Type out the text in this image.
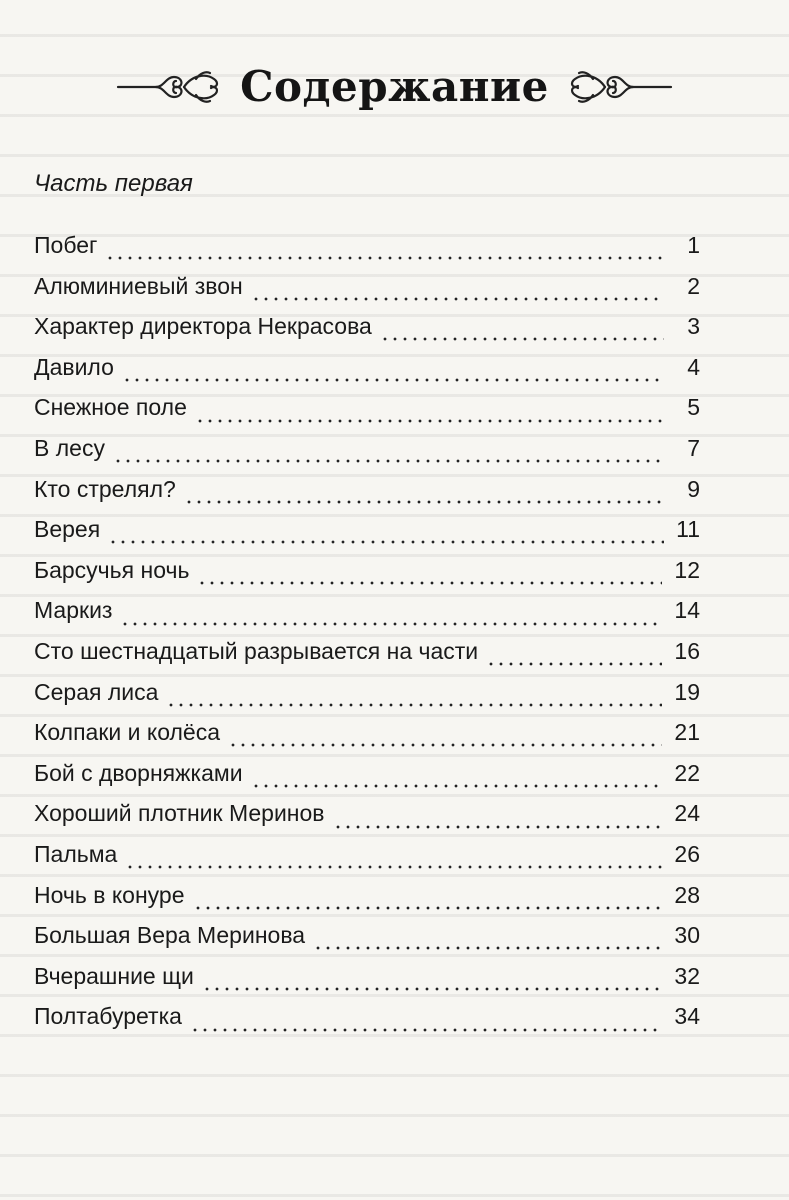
Содержание
Часть первая
Побег	1
Алюминиевый звон	2
Характер директора Некрасова	3
Давило	4
Снежное поле	5
В лесу	7
Кто стрелял?	9
Верея	11
Барсучья ночь	12
Маркиз	14
Сто шестнадцатый разрывается на части	16
Серая лиса	19
Колпаки и колёса	21
Бой с дворняжками	22
Хороший плотник Меринов	24
Пальма	26
Ночь в конуре	28
Большая Вера Меринова	30
Вчерашние щи	32
Полтабуретка	34
